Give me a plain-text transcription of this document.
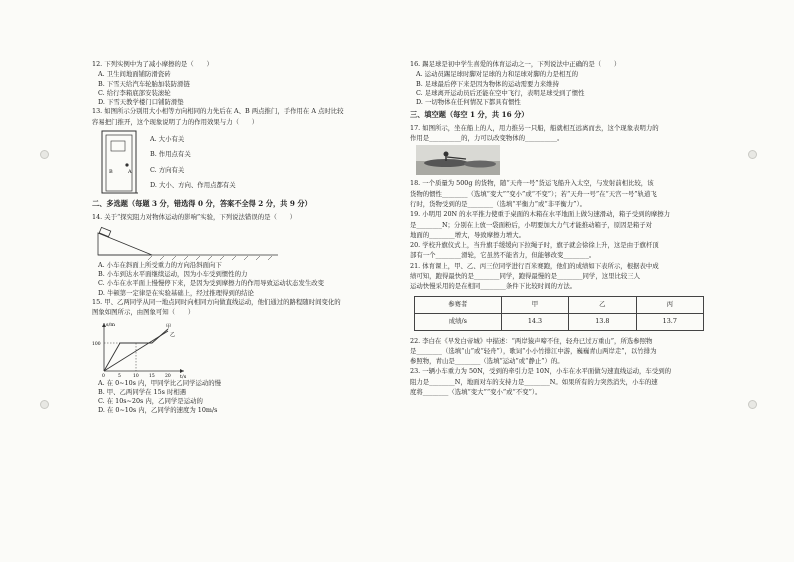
12. 下列实例中为了减小摩擦的是（　　）
A. 卫生间地面铺防滑瓷砖
B. 下雪天给汽车轮胎加装防滑链
C. 给行李箱底部安装滚轮
D. 下雪天教学楼门口铺防滑垫
13. 如图所示分别用大小相等方向相同的力先后在 A、B 两点推门，手作用在 A 点时比较
容易把门推开，这个现象说明了力的作用效果与力（　　）
A
B
A. 大小有关
B. 作用点有关
C. 方向有关
D. 大小、方向、作用点都有关
二、多选题（每题 3 分，错选得 0 分，答案不全得 2 分，共 9 分）
14. 关于“探究阻力对物体运动的影响”实验，下列说法错误的是（　　）
A. 小车在斜面上所受重力的方向沿斜面向下
B. 小车到达水平面继续运动，因为小车受到惯性的力
C. 小车在水平面上慢慢停下来，是因为受到摩擦力的作用导致运动状态发生改变
D. 牛顿第一定律是在实验基础上，经过推理得到的结论
15. 甲、乙两同学从同一地点同时向相同方向做直线运动，他们通过的路程随时间变化的
图象如图所示，由图象可知（　　）
s/m
t/s
甲
乙
100
0	5	10 15 20
A. 在 0~10s 内，甲同学比乙同学运动的慢
B. 甲、乙两同学在 15s 时相遇
C. 在 10s~20s 内，乙同学是运动的
D. 在 0~10s 内，乙同学的速度为 10m/s
16. 踢足球是初中学生喜爱的体育运动之一，下列说法中正确的是（　　）
A. 运动员踢足球时脚对足球的力和足球对脚的力是相互的
B. 足球最后停下来是因为物体的运动需要力来维持
C. 足球离开运动员后还能在空中飞行，表明足球受到了惯性
D. 一切物体在任何情况下都具有惯性
三、填空题（每空 1 分，共 16 分）
17. 如图所示，坐在船上的人，用力推另一只船，船就相互远离而去，这个现象表明力的
作用是__________的，力可以改变物体的__________。
18. 一个质量为 500g 的货物，随“天舟一号”货运飞船升入太空，与发射前相比较，该
货物的惯性________（选填“变大”“变小”或“不变”）；若“天舟一号”在“天宫一号”轨道飞
行时，货物受到的是________（选填“平衡力”或“非平衡力”）。
19. 小明用 20N 的水平推力使重于桌面的木箱在水平地面上做匀速滑动，箱子受到的摩擦力
是________N；分别在上放一袋面粉后，小明要加大力气才能推动箱子，原因是箱子对
地面的________增大，导致摩擦力增大。
20. 学校升旗仪式上，当升旗手缓缓向下拉绳子时，旗子就会徐徐上升，这是由于旗杆顶
部有一个________滑轮，它虽然不能省力，但能够改变________。
21. 体育课上，甲、乙、丙三位同学进行百米赛跑，他们的成绩如下表所示，根据表中成
绩可知，跑得最快的是________同学，跑得最慢的是________同学，这里比较三人
运动快慢采用的是在相同________条件下比较时间的方法。
参赛者	甲	乙	丙
成绩/s	14.3	13.8	13.7
22. 李白在《早发白帝城》中描述：“两岸猿声啼不住，轻舟已过万重山”，所选参照物
是________（选填“山”或“轻舟”），歌词“小小竹排江中游，巍巍青山两岸走”，以竹排为
参照物，青山是________（选填“运动”或“静止”）的。
23. 一辆小车重力为 50N，受到的牵引力是 10N，小车在水平面做匀速直线运动，车受到的
阻力是________N，地面对车的支持力是________N。如果所有的力突然消失，小车的速
度将________（选填“变大”“变小”或“不变”）。
